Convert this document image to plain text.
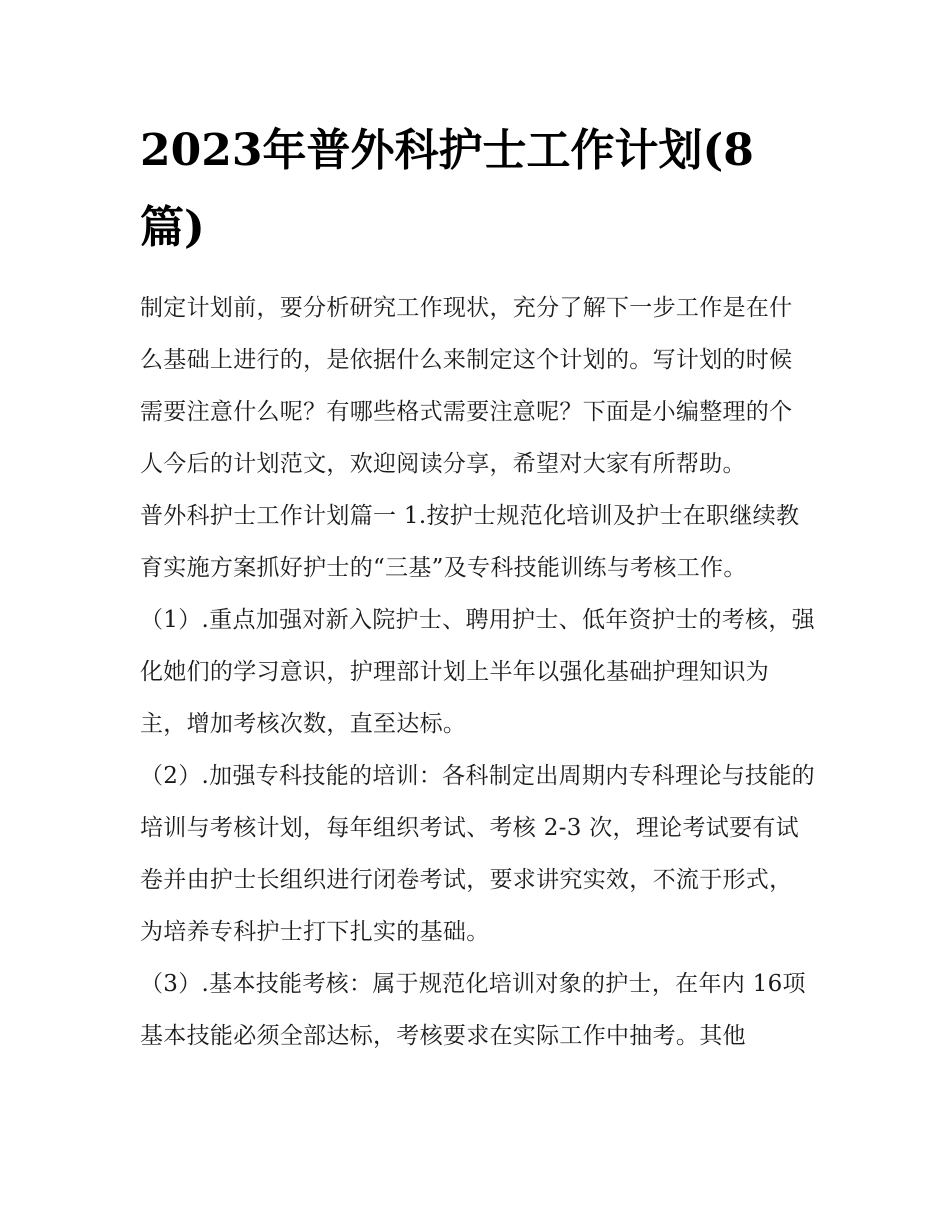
2023年普外科护士工作计划(8篇)

制定计划前，要分析研究工作现状，充分了解下一步工作是在什么基础上进行的，是依据什么来制定这个计划的。写计划的时候需要注意什么呢？有哪些格式需要注意呢？下面是小编整理的个人今后的计划范文，欢迎阅读分享，希望对大家有所帮助。

普外科护士工作计划篇一 1.按护士规范化培训及护士在职继续教育实施方案抓好护士的“三基”及专科技能训练与考核工作。

（1）.重点加强对新入院护士、聘用护士、低年资护士的考核，强化她们的学习意识，护理部计划上半年以强化基础护理知识为主，增加考核次数，直至达标。

（2）.加强专科技能的培训：各科制定出周期内专科理论与技能的培训与考核计划，每年组织考试、考核 2-3 次，理论考试要有试卷并由护士长组织进行闭卷考试，要求讲究实效，不流于形式，为培养专科护士打下扎实的基础。

（3）.基本技能考核：属于规范化培训对象的护士，在年内 16项基本技能必须全部达标，考核要求在实际工作中抽考。其他
